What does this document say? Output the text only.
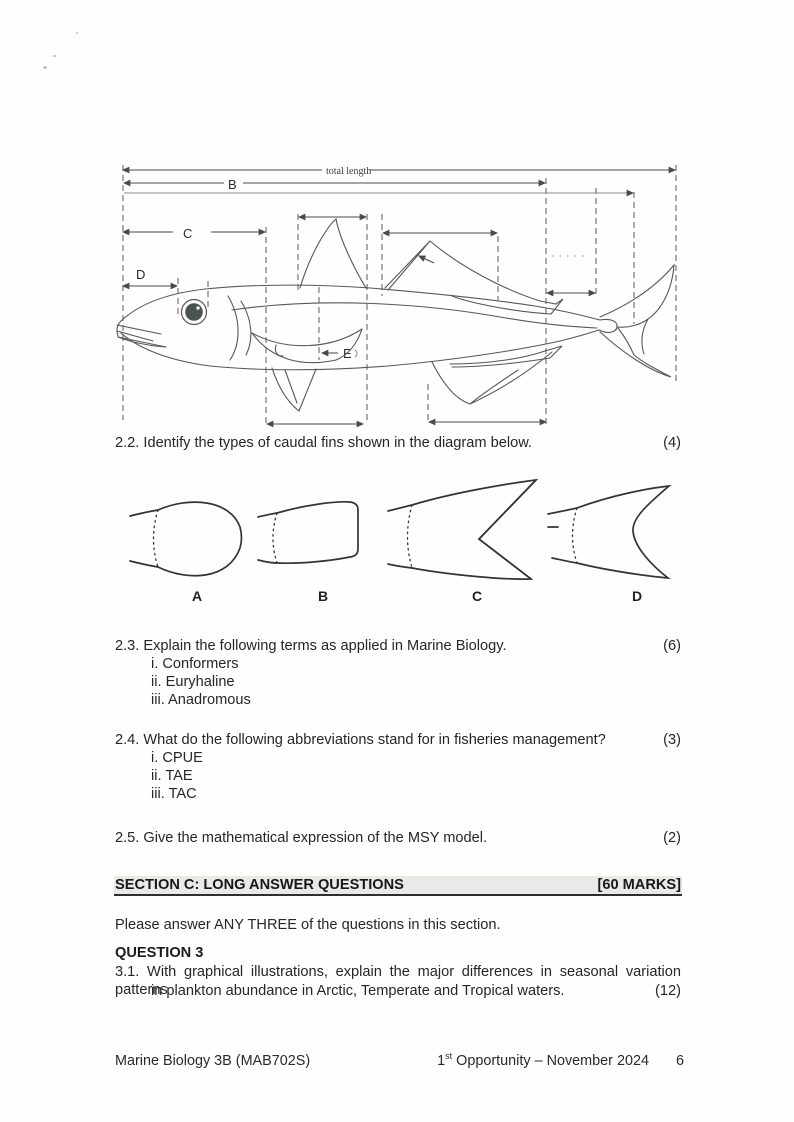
total length
B
C
D
E
2.2. Identify the types of caudal fins shown in the diagram below.	(4)
A	B	C	D
2.3. Explain the following terms as applied in Marine Biology.	(6)
i. Conformers
ii. Euryhaline
iii. Anadromous
2.4. What do the following abbreviations stand for in fisheries management?	(3)
i. CPUE
ii. TAE
iii. TAC
2.5. Give the mathematical expression of the MSY model.	(2)
SECTION C: LONG ANSWER QUESTIONS	[60 MARKS]
Please answer ANY THREE of the questions in this section.
QUESTION 3
3.1. With graphical illustrations, explain the major differences in seasonal variation patterns
in plankton abundance in Arctic, Temperate and Tropical waters.	(12)
Marine Biology 3B (MAB702S)	1st Opportunity – November 2024 6
